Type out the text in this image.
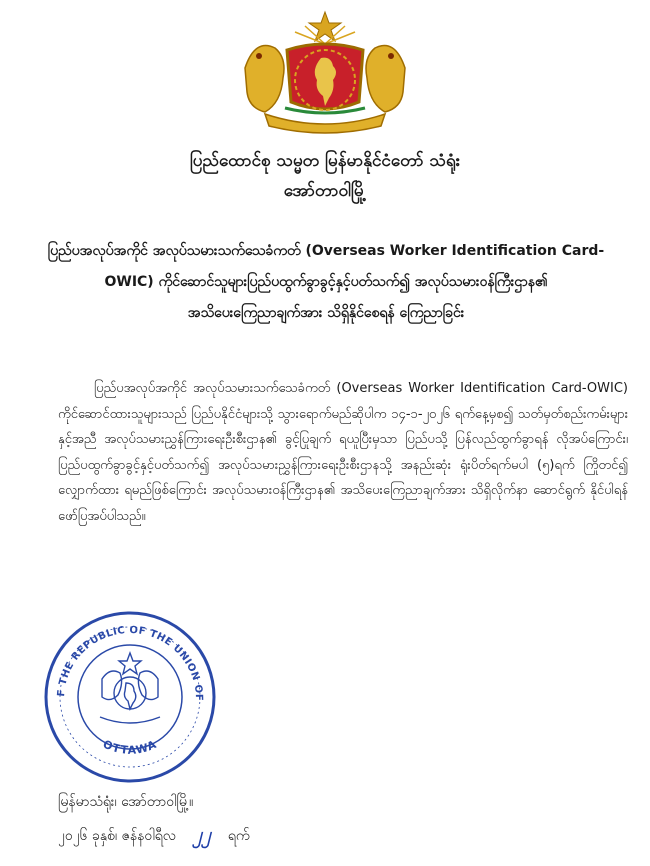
ပြည်ထောင်စု သမ္မတ မြန်မာနိုင်ငံတော် သံရုံး
အော်တာဝါမြို့
ပြည်ပအလုပ်အကိုင် အလုပ်သမားသက်သေခံကတ် (Overseas Worker Identification Card-
OWIC) ကိုင်ဆောင်သူများပြည်ပထွက်ခွာခွင့်နှင့်ပတ်သက်၍ အလုပ်သမားဝန်ကြီးဌာန၏
အသိပေးကြေညာချက်အား သိရှိနိုင်စေရန် ကြေညာခြင်း
ပြည်ပအလုပ်အကိုင် အလုပ်သမားသက်သေခံကတ် (Overseas Worker Identification Card-OWIC) ကိုင်ဆောင်ထားသူများသည် ပြည်ပနိုင်ငံများသို့ သွားရောက်မည်ဆိုပါက ၁၄-၁-၂၀၂၆ ရက်နေ့မှစ၍ သတ်မှတ်စည်းကမ်းများနှင့်အညီ အလုပ်သမားညွှန်ကြားရေးဦးစီးဌာန၏ ခွင့်ပြုချက် ရယူပြီးမှသာ ပြည်ပသို့ ပြန်လည်ထွက်ခွာရန် လိုအပ်ကြောင်း၊ ပြည်ပထွက်ခွာခွင့်နှင့်ပတ်သက်၍ အလုပ်သမားညွှန်ကြားရေးဦးစီးဌာနသို့ အနည်းဆုံး ရုံးပိတ်ရက်မပါ (၅)ရက် ကြိုတင်၍ လျှောက်ထား ရမည်ဖြစ်ကြောင်း အလုပ်သမားဝန်ကြီးဌာန၏ အသိပေးကြေညာချက်အား သိရှိလိုက်နာ ဆောင်ရွက် နိုင်ပါရန် ဖော်ပြအပ်ပါသည်။
F THE REPUBLIC OF THE UNION OF
OTTAWA
မြန်မာသံရုံး၊ အော်တာဝါမြို့။
၂၀၂၆ ခုနှစ်၊ ဇန်နဝါရီလ ၂၂	ရက်
